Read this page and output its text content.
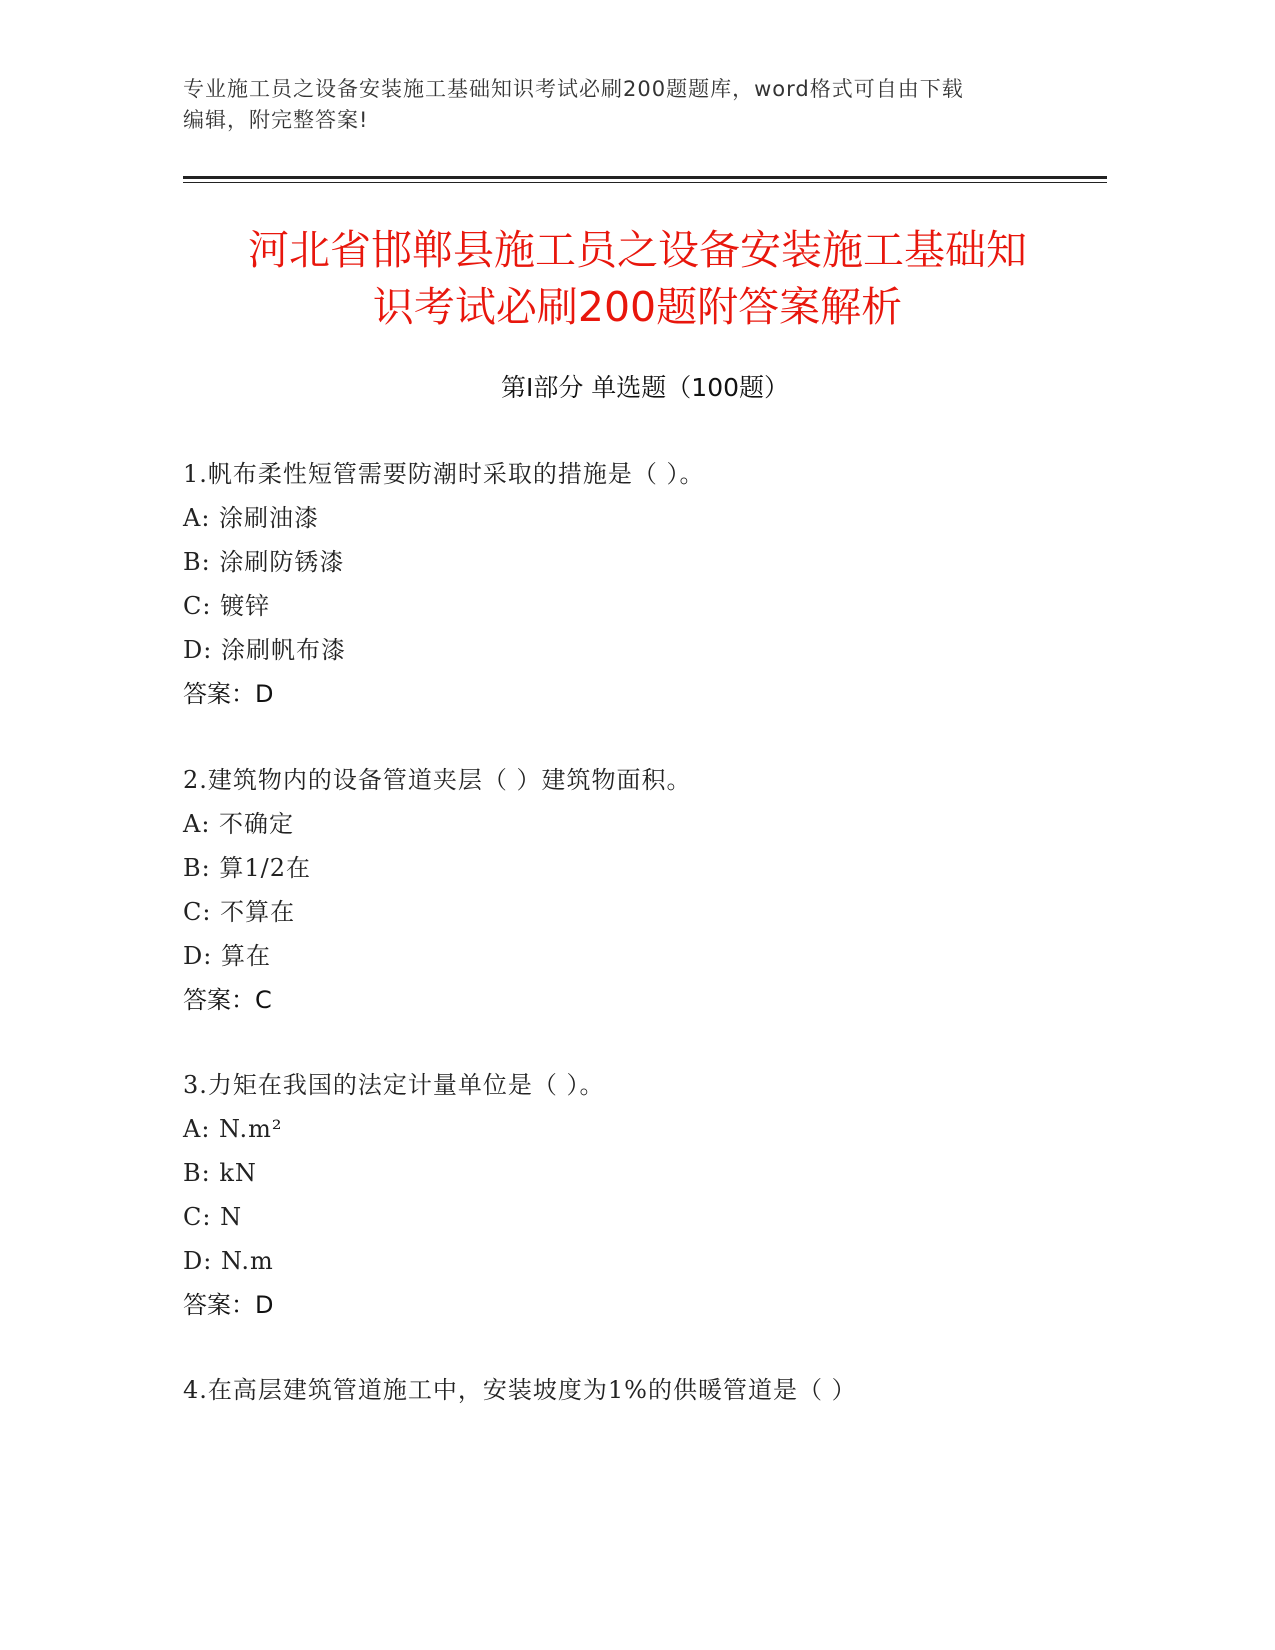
专业施工员之设备安装施工基础知识考试必刷200题题库，word格式可自由下载
编辑，附完整答案!
河北省邯郸县施工员之设备安装施工基础知
识考试必刷200题附答案解析
第Ⅰ部分 单选题（100题）
1.帆布柔性短管需要防潮时采取的措施是（ ）。
A: 涂刷油漆
B: 涂刷防锈漆
C: 镀锌
D: 涂刷帆布漆
答案：D
2.建筑物内的设备管道夹层（ ）建筑物面积。
A: 不确定
B: 算1/2在
C: 不算在
D: 算在
答案：C
3.力矩在我国的法定计量单位是（ ）。
A: N.m²
B: kN
C: N
D: N.m
答案：D
4.在高层建筑管道施工中，安装坡度为1%的供暖管道是（ ）
